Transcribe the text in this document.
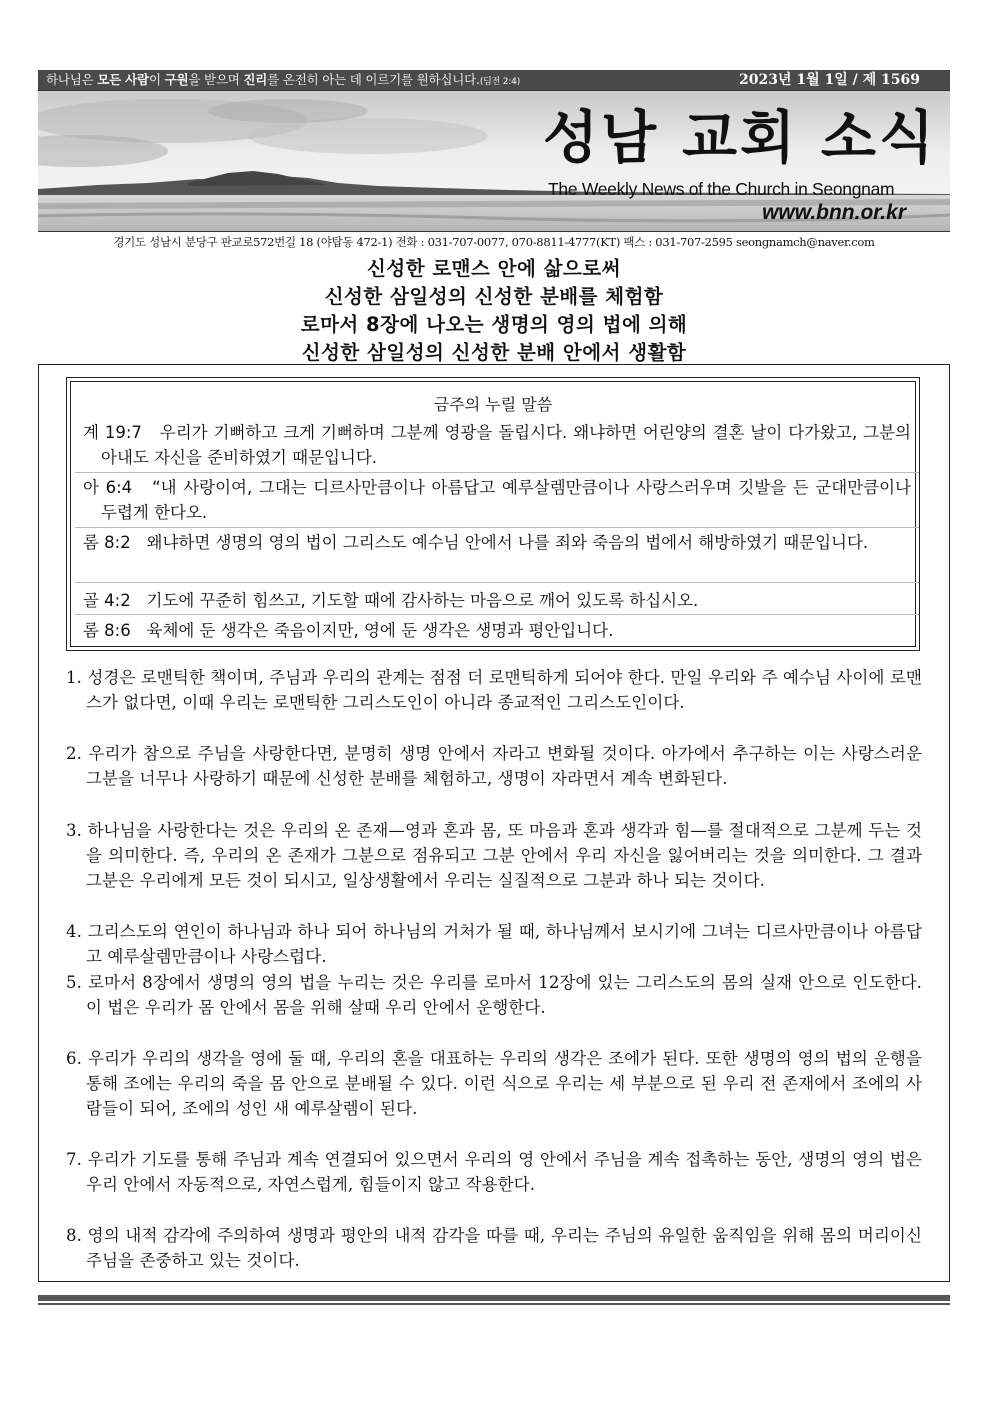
하나님은 모든 사람이 구원을 받으며 진리를 온전히 아는 데 이르기를 원하십니다.(딤전 2:4)	2023년 1월 1일 / 제 1569
성남 교회 소식
The Weekly News of the Church in Seongnam
www.bnn.or.kr
경기도 성남시 분당구 판교로572번길 18 (야탑동 472-1) 전화 : 031-707-0077, 070-8811-4777(KT) 팩스 : 031-707-2595 seongnamch@naver.com
신성한 로맨스 안에 삶으로써
신성한 삼일성의 신성한 분배를 체험함
로마서 8장에 나오는 생명의 영의 법에 의해
신성한 삼일성의 신성한 분배 안에서 생활함
금주의 누릴 말씀
계 19:7 우리가 기뻐하고 크게 기뻐하며 그분께 영광을 돌립시다. 왜냐하면 어린양의 결혼 날이 다가왔고, 그분의 아내도 자신을 준비하였기 때문입니다.
아 6:4 “내 사랑이여, 그대는 디르사만큼이나 아름답고 예루살렘만큼이나 사랑스러우며 깃발을 든 군대만큼이나 두렵게 한다오.
롬 8:2 왜냐하면 생명의 영의 법이 그리스도 예수님 안에서 나를 죄와 죽음의 법에서 해방하였기 때문입니다.
골 4:2 기도에 꾸준히 힘쓰고, 기도할 때에 감사하는 마음으로 깨어 있도록 하십시오.
롬 8:6 육체에 둔 생각은 죽음이지만, 영에 둔 생각은 생명과 평안입니다.
1. 성경은 로맨틱한 책이며, 주님과 우리의 관계는 점점 더 로맨틱하게 되어야 한다. 만일 우리와 주 예수님 사이에 로맨스가 없다면, 이때 우리는 로맨틱한 그리스도인이 아니라 종교적인 그리스도인이다.
2. 우리가 참으로 주님을 사랑한다면, 분명히 생명 안에서 자라고 변화될 것이다. 아가에서 추구하는 이는 사랑스러운 그분을 너무나 사랑하기 때문에 신성한 분배를 체험하고, 생명이 자라면서 계속 변화된다.
3. 하나님을 사랑한다는 것은 우리의 온 존재—영과 혼과 몸, 또 마음과 혼과 생각과 힘—를 절대적으로 그분께 두는 것을 의미한다. 즉, 우리의 온 존재가 그분으로 점유되고 그분 안에서 우리 자신을 잃어버리는 것을 의미한다. 그 결과 그분은 우리에게 모든 것이 되시고, 일상생활에서 우리는 실질적으로 그분과 하나 되는 것이다.
4. 그리스도의 연인이 하나님과 하나 되어 하나님의 거처가 될 때, 하나님께서 보시기에 그녀는 디르사만큼이나 아름답고 예루살렘만큼이나 사랑스럽다.
5. 로마서 8장에서 생명의 영의 법을 누리는 것은 우리를 로마서 12장에 있는 그리스도의 몸의 실재 안으로 인도한다. 이 법은 우리가 몸 안에서 몸을 위해 살때 우리 안에서 운행한다.
6. 우리가 우리의 생각을 영에 둘 때, 우리의 혼을 대표하는 우리의 생각은 조에가 된다. 또한 생명의 영의 법의 운행을 통해 조에는 우리의 죽을 몸 안으로 분배될 수 있다. 이런 식으로 우리는 세 부분으로 된 우리 전 존재에서 조에의 사람들이 되어, 조에의 성인 새 예루살렘이 된다.
7. 우리가 기도를 통해 주님과 계속 연결되어 있으면서 우리의 영 안에서 주님을 계속 접촉하는 동안, 생명의 영의 법은 우리 안에서 자동적으로, 자연스럽게, 힘들이지 않고 작용한다.
8. 영의 내적 감각에 주의하여 생명과 평안의 내적 감각을 따를 때, 우리는 주님의 유일한 움직임을 위해 몸의 머리이신 주님을 존중하고 있는 것이다.
